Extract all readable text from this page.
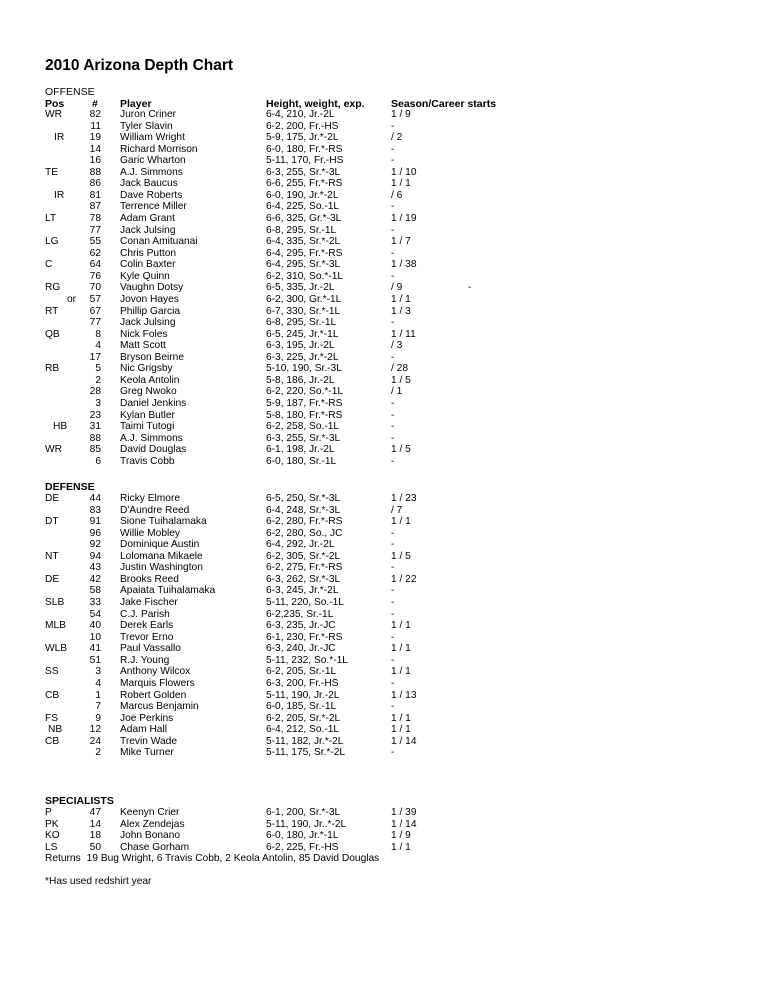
2010 Arizona Depth Chart
OFFENSE
Pos	# Player	Height, weight, exp.	Season/Career starts
WR	82 Juron Criner	6-4, 210, Jr.-2L	1 / 9
11 Tyler Slavin	6-2, 200, Fr.-HS	-
IR	19 William Wright	5-9, 175, Jr.*-2L	/ 2
14 Richard Morrison	6-0, 180, Fr.*-RS	-
16 Garic Wharton	5-11, 170, Fr.-HS	-
TE	88 A.J. Simmons	6-3, 255, Sr.*-3L	1 / 10
86 Jack Baucus	6-6, 255, Fr.*-RS	1 / 1
IR	81 Dave Roberts	6-0, 190, Jr.*-2L	/ 6
87 Terrence Miller	6-4, 225, So.-1L	-
LT	78 Adam Grant	6-6, 325, Gr.*-3L	1 / 19
77 Jack Julsing	6-8, 295, Sr.-1L	-
LG	55 Conan Amituanai	6-4, 335, Sr.*-2L	1 / 7
62 Chris Putton	6-4, 295, Fr.*-RS	-
C	64 Colin Baxter	6-4, 295, Sr.*-3L	1 / 38
76 Kyle Quinn	6-2, 310, So.*-1L	-
RG	70 Vaughn Dotsy	6-5, 335, Jr.-2L	/ 9	-
or	57 Jovon Hayes	6-2, 300, Gr.*-1L	1 / 1
RT	67 Phillip Garcia	6-7, 330, Sr.*-1L	1 / 3
77 Jack Julsing	6-8, 295, Sr.-1L	-
QB	8 Nick Foles	6-5, 245, Jr.*-1L	1 / 11
4 Matt Scott	6-3, 195, Jr.-2L	/ 3
17 Bryson Beirne	6-3, 225, Jr.*-2L	-
RB	5 Nic Grigsby	5-10, 190, Sr.-3L	/ 28
2 Keola Antolin	5-8, 186, Jr.-2L	1 / 5
28 Greg Nwoko	6-2, 220, So.*-1L	/ 1
3 Daniel Jenkins	5-9, 187, Fr.*-RS	-
23 Kylan Butler	5-8, 180, Fr.*-RS	-
HB	31 Taimi Tutogi	6-2, 258, So.-1L	-
88 A.J. Simmons	6-3, 255, Sr.*-3L	-
WR	85 David Douglas	6-1, 198, Jr.-2L	1 / 5
6 Travis Cobb	6-0, 180, Sr.-1L	-
DEFENSE
DE	44 Ricky Elmore	6-5, 250, Sr.*-3L	1 / 23
83 D'Aundre Reed	6-4, 248, Sr.*-3L	/ 7
DT	91 Sione Tuihalamaka	6-2, 280, Fr.*-RS	1 / 1
96 Willie Mobley	6-2, 280, So., JC	-
92 Dominique Austin	6-4, 292, Jr.-2L	-
NT	94 Lolomana Mikaele	6-2, 305, Sr.*-2L	1 / 5
43 Justin Washington	6-2, 275, Fr.*-RS	-
DE	42 Brooks Reed	6-3, 262, Sr.*-3L	1 / 22
58 Apaiata Tuihalamaka	6-3, 245, Jr.*-2L	-
SLB	33 Jake Fischer	5-11, 220, So.-1L	-
54 C.J. Parish	6-2,235, Sr.-1L	-
MLB	40 Derek Earls	6-3, 235, Jr.-JC	1 / 1
10 Trevor Erno	6-1, 230, Fr.*-RS	-
WLB	41 Paul Vassallo	6-3, 240, Jr.-JC	1 / 1
51 R.J. Young	5-11, 232, So.*-1L	-
SS	3 Anthony Wilcox	6-2, 205, Sr.-1L	1 / 1
4 Marquis Flowers	6-3, 200, Fr.-HS	-
CB	1 Robert Golden	5-11, 190, Jr.-2L	1 / 13
7 Marcus Benjamin	6-0, 185, Sr.-1L	-
FS	9 Joe Perkins	6-2, 205, Sr.*-2L	1 / 1
NB	12 Adam Hall	6-4, 212, So.-1L	1 / 1
CB	24 Trevin Wade	5-11, 182, Jr.*-2L	1 / 14
2 Mike Turner	5-11, 175, Sr.*-2L	-
SPECIALISTS
P	47 Keenyn Crier	6-1, 200, Sr.*-3L	1 / 39
PK	14 Alex Zendejas	5-11, 190, Jr..*-2L	1 / 14
KO	18 John Bonano	6-0, 180, Jr.*-1L	1 / 9
LS	50 Chase Gorham	6-2, 225, Fr.-HS	1 / 1
Returns 19 Bug Wright, 6 Travis Cobb, 2 Keola Antolin, 85 David Douglas
*Has used redshirt year
